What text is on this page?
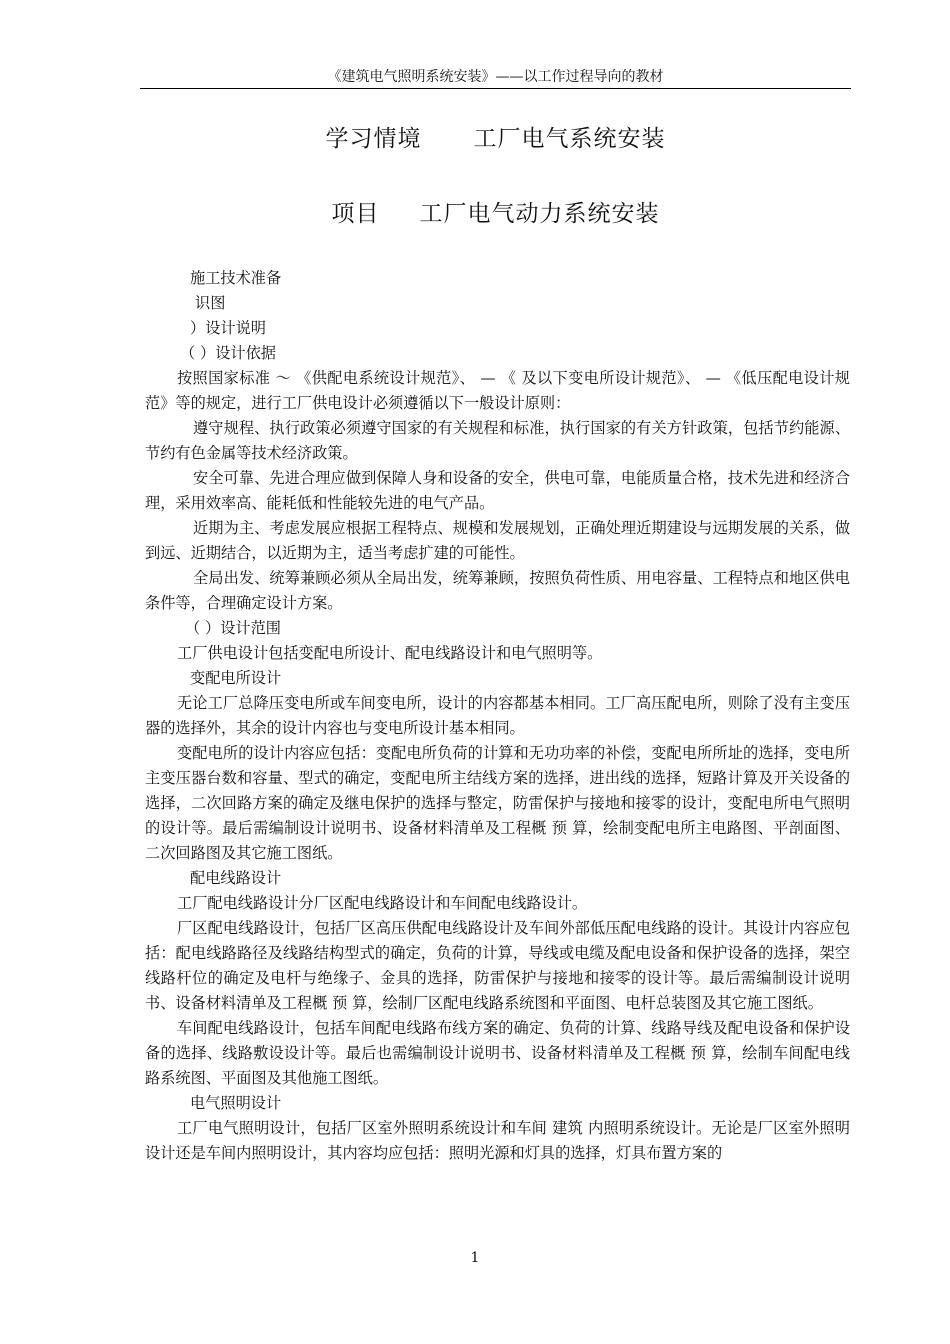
《建筑电气照明系统安装》——以工作过程导向的教材
学习情境 工厂电气系统安装
项目 工厂电气动力系统安装

施工技术准备

识图

）设计说明

（ ）设计依据

按照国家标准 ～ 《供配电系统设计规范》、 — 《 及以下变电所设计规范》、 — 《低压配电设计规范》等的规定，进行工厂供电设计必须遵循以下一般设计原则：

遵守规程、执行政策必须遵守国家的有关规程和标准，执行国家的有关方针政策，包括节约能源、节约有色金属等技术经济政策。

安全可靠、先进合理应做到保障人身和设备的安全，供电可靠，电能质量合格，技术先进和经济合理，采用效率高、能耗低和性能较先进的电气产品。

近期为主、考虑发展应根据工程特点、规模和发展规划，正确处理近期建设与远期发展的关系，做到远、近期结合，以近期为主，适当考虑扩建的可能性。

全局出发、统筹兼顾必须从全局出发，统筹兼顾，按照负荷性质、用电容量、工程特点和地区供电条件等，合理确定设计方案。

（ ）设计范围

工厂供电设计包括变配电所设计、配电线路设计和电气照明等。

变配电所设计

无论工厂总降压变电所或车间变电所，设计的内容都基本相同。工厂高压配电所，则除了没有主变压器的选择外，其余的设计内容也与变电所设计基本相同。

变配电所的设计内容应包括：变配电所负荷的计算和无功功率的补偿，变配电所所址的选择，变电所主变压器台数和容量、型式的确定，变配电所主结线方案的选择，进出线的选择，短路计算及开关设备的选择，二次回路方案的确定及继电保护的选择与整定，防雷保护与接地和接零的设计，变配电所电气照明的设计等。最后需编制设计说明书、设备材料清单及工程概 预 算，绘制变配电所主电路图、平剖面图、二次回路图及其它施工图纸。

配电线路设计

工厂配电线路设计分厂区配电线路设计和车间配电线路设计。

厂区配电线路设计，包括厂区高压供配电线路设计及车间外部低压配电线路的设计。其设计内容应包括：配电线路路径及线路结构型式的确定，负荷的计算，导线或电缆及配电设备和保护设备的选择，架空线路杆位的确定及电杆与绝缘子、金具的选择，防雷保护与接地和接零的设计等。最后需编制设计说明书、设备材料清单及工程概 预 算，绘制厂区配电线路系统图和平面图、电杆总装图及其它施工图纸。

车间配电线路设计，包括车间配电线路布线方案的确定、负荷的计算、线路导线及配电设备和保护设备的选择、线路敷设设计等。最后也需编制设计说明书、设备材料清单及工程概 预 算，绘制车间配电线路系统图、平面图及其他施工图纸。

电气照明设计

工厂电气照明设计，包括厂区室外照明系统设计和车间 建筑 内照明系统设计。无论是厂区室外照明设计还是车间内照明设计，其内容均应包括：照明光源和灯具的选择，灯具布置方案的

1
